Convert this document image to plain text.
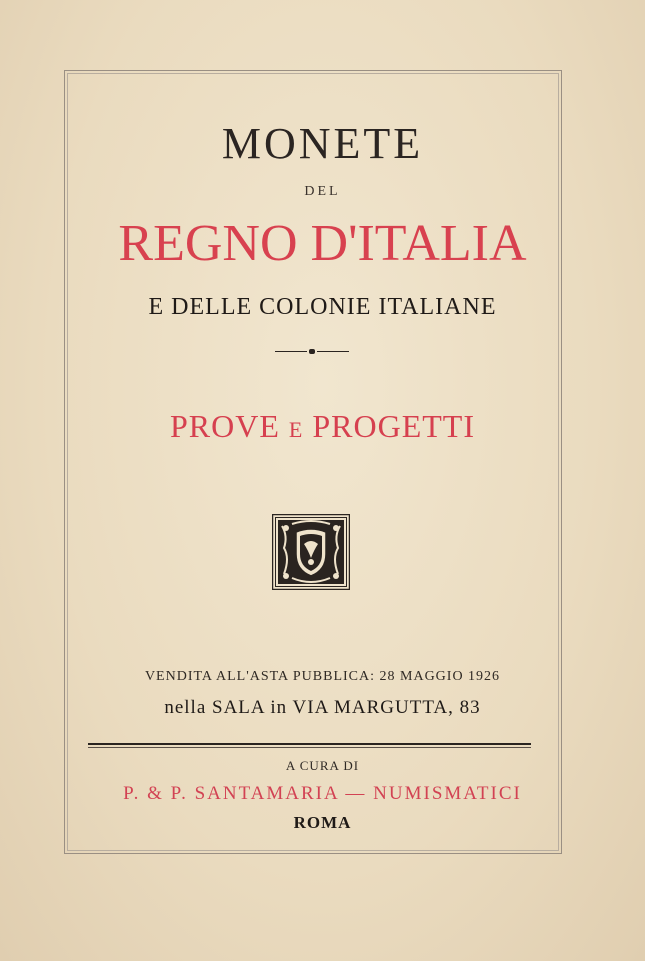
MONETE
DEL
REGNO D'ITALIA
E DELLE COLONIE ITALIANE
PROVE E PROGETTI
VENDITA ALL'ASTA PUBBLICA: 28 MAGGIO 1926
nella SALA in VIA MARGUTTA, 83
A CURA DI
P. & P. SANTAMARIA — NUMISMATICI
ROMA
